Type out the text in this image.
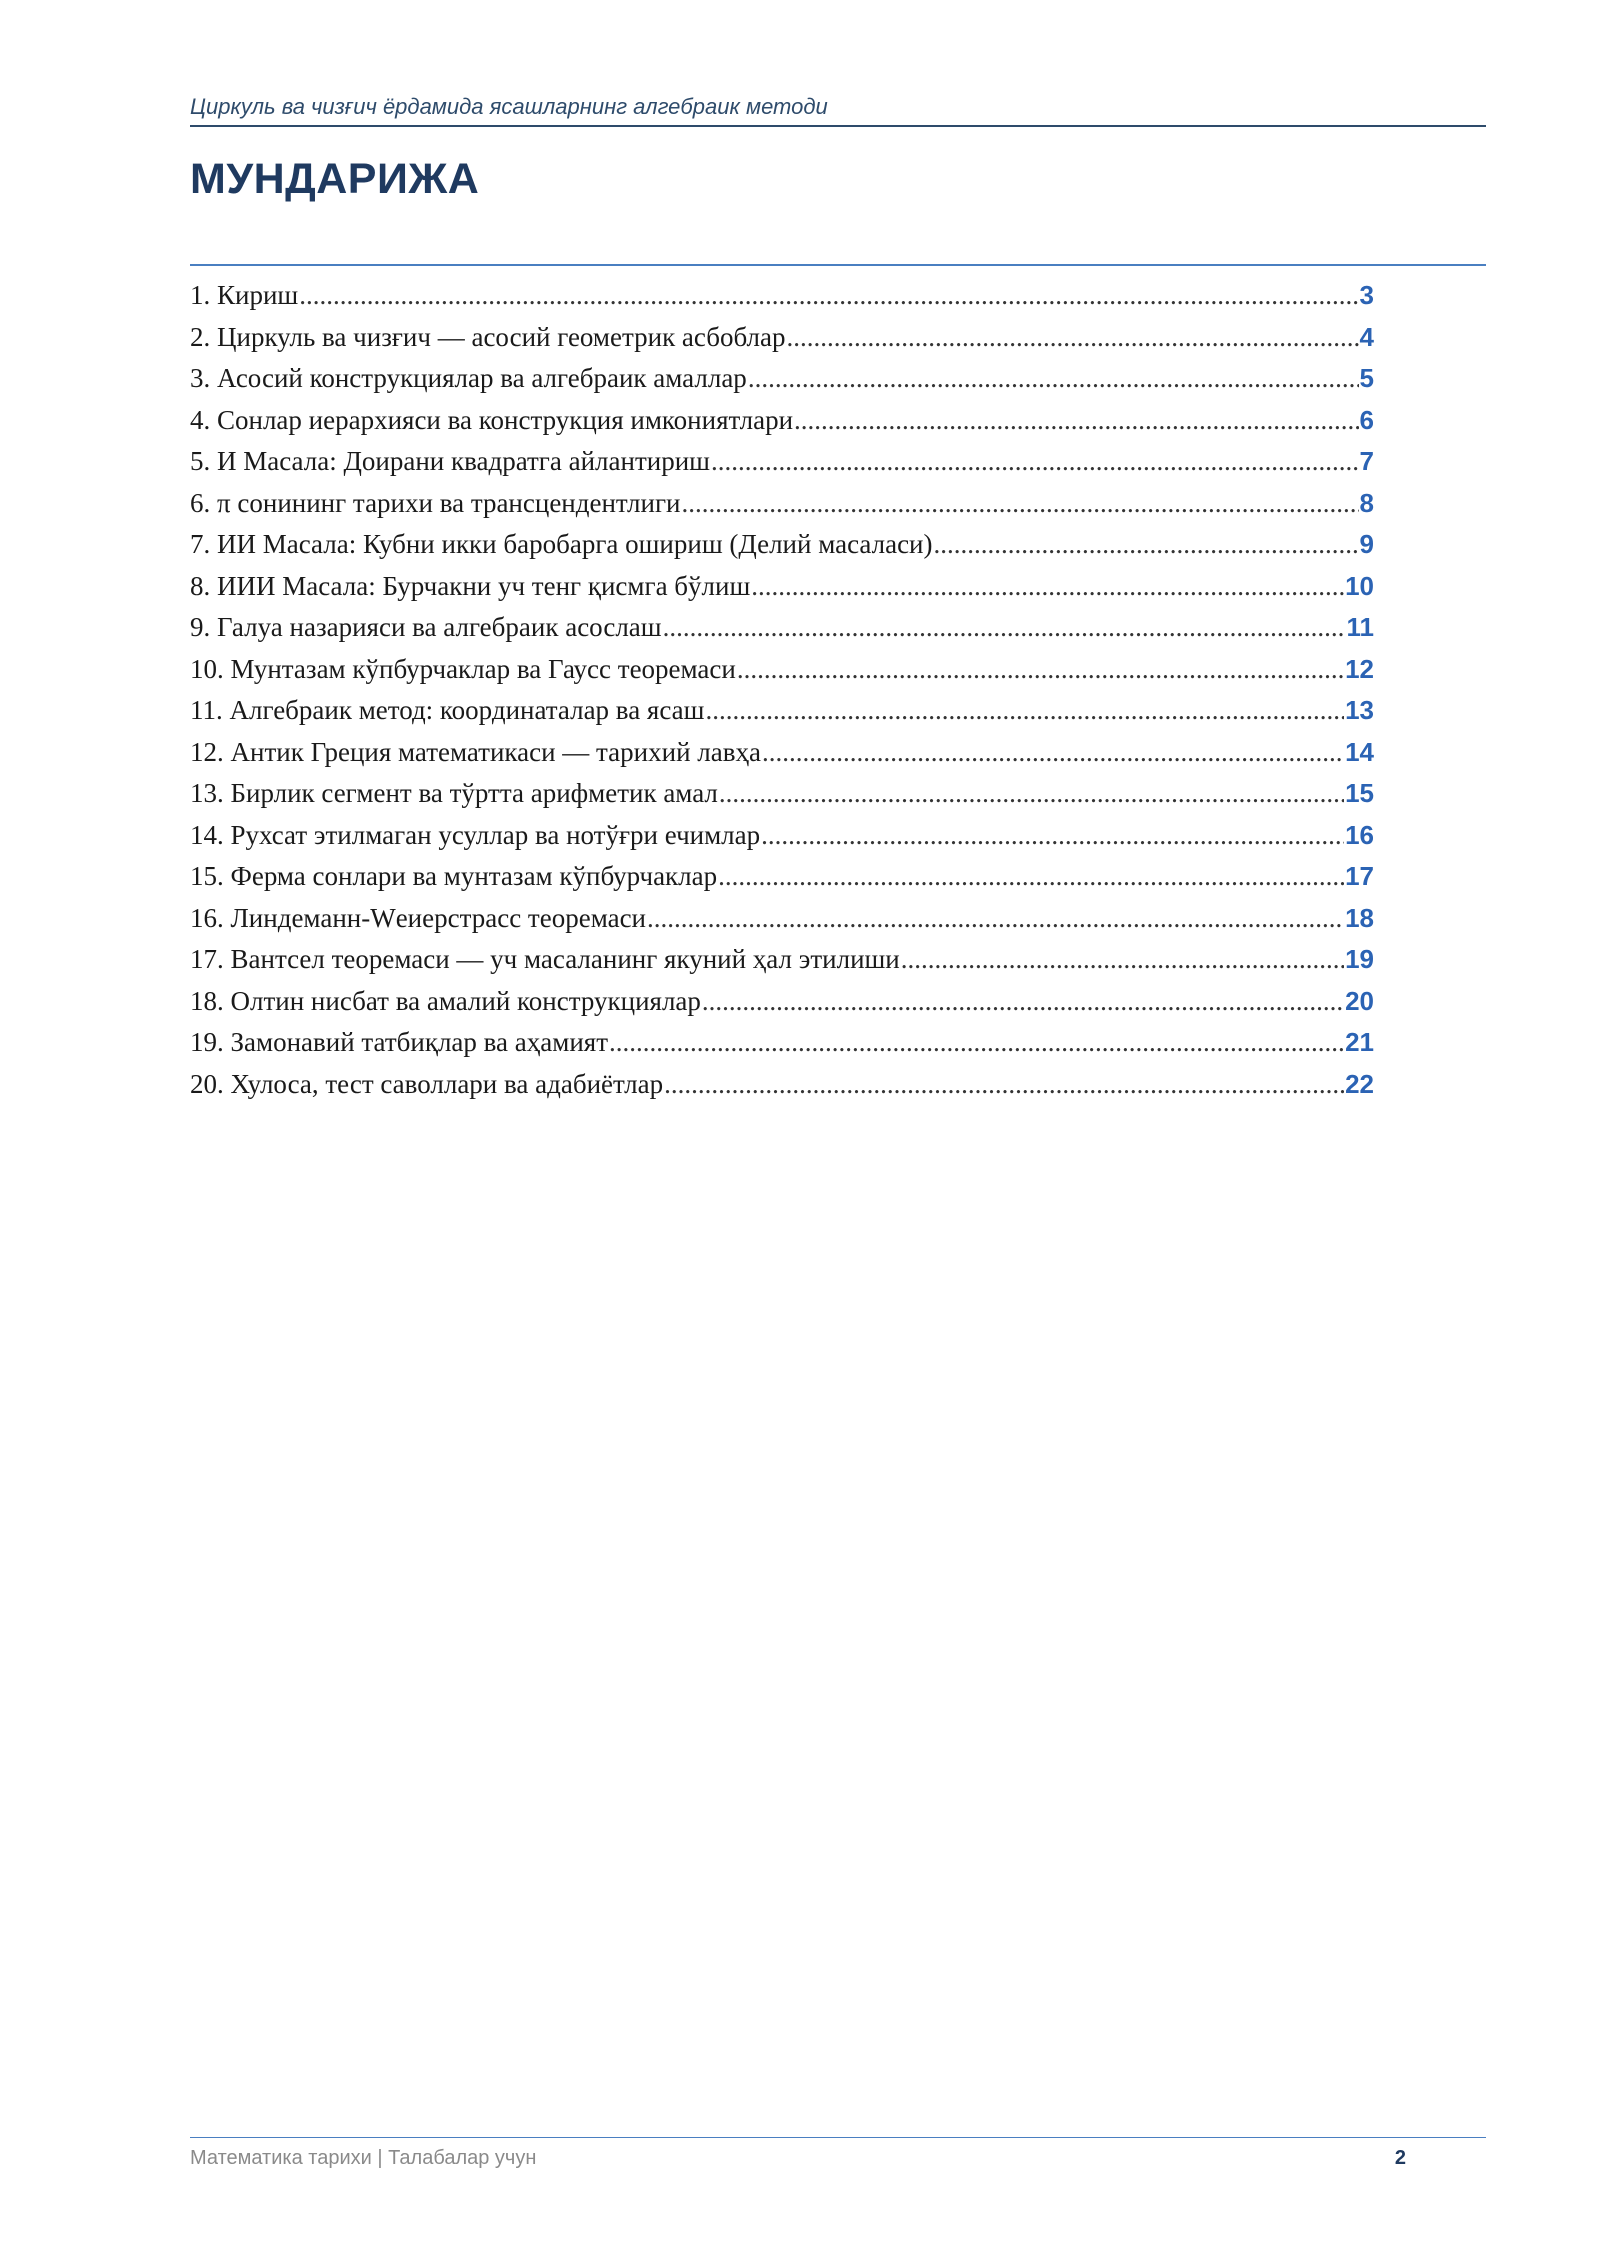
Циркуль ва чизғич ёрдамида ясашларнинг алгебраик методи
МУНДАРИЖА
1. Кириш .....	3
2. Циркуль ва чизғич — асосий геометрик асбоблар .....	4
3. Асосий конструкциялар ва алгебраик амаллар .....	5
4. Сонлар иерархияси ва конструкция имкониятлари .....	6
5. И Масала: Доирани квадратга айлантириш .....	7
6. π сонининг тарихи ва трансцендентлиги .....	8
7. ИИ Масала: Кубни икки баробарга ошириш (Делий масаласи) .....	9
8. ИИИ Масала: Бурчакни уч тенг қисмга бўлиш .....	10
9. Галуа назарияси ва алгебраик асослаш .....	11
10. Мунтазам кўпбурчаклар ва Гаусс теоремаси .....	12
11. Алгебраик метод: координаталар ва ясаш .....	13
12. Антик Греция математикаси — тарихий лавҳа .....	14
13. Бирлик сегмент ва тўртта арифметик амал .....	15
14. Рухсат этилмаган усуллар ва нотўғри ечимлар .....	16
15. Ферма сонлари ва мунтазам кўпбурчаклар .....	17
16. Линдеманн-Wеиерстрасс теоремаси .....	18
17. Вантсел теоремаси — уч масаланинг якуний ҳал этилиши .....	19
18. Олтин нисбат ва амалий конструкциялар .....	20
19. Замонавий татбиқлар ва аҳамият .....	21
20. Хулоса, тест саволлари ва адабиётлар .....	22
Математика тарихи | Талабалар учун	2
